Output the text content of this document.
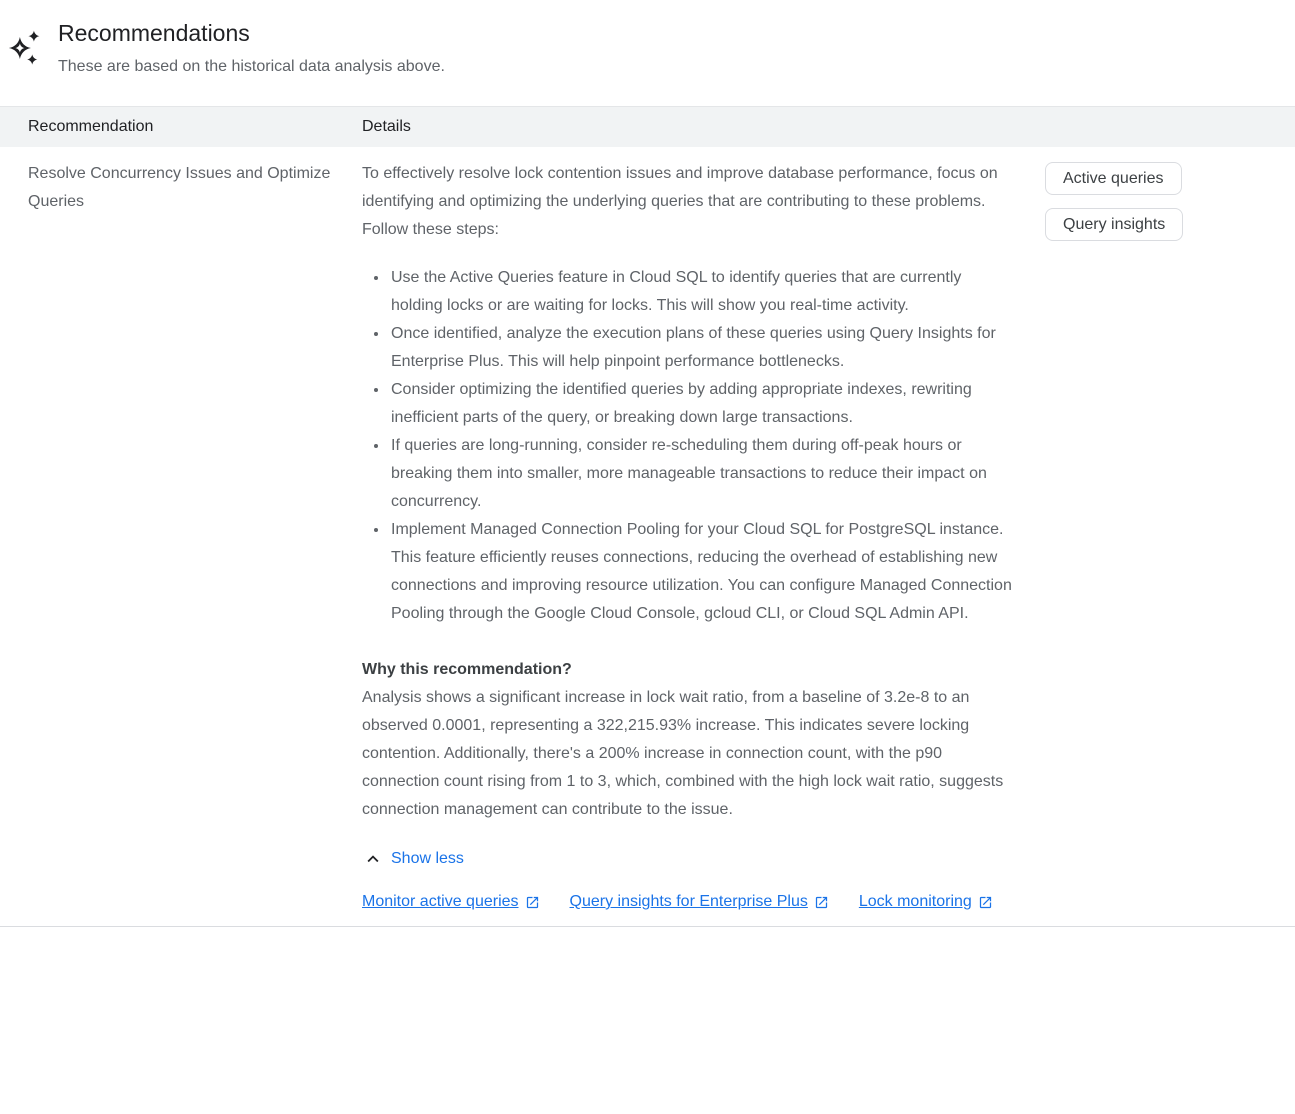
Recommendations
These are based on the historical data analysis above.
Recommendation	Details
Resolve Concurrency Issues and Optimize Queries

To effectively resolve lock contention issues and improve database performance, focus on identifying and optimizing the underlying queries that are contributing to these problems. Follow these steps:

• Use the Active Queries feature in Cloud SQL to identify queries that are currently holding locks or are waiting for locks. This will show you real-time activity.
• Once identified, analyze the execution plans of these queries using Query Insights for Enterprise Plus. This will help pinpoint performance bottlenecks.
• Consider optimizing the identified queries by adding appropriate indexes, rewriting inefficient parts of the query, or breaking down large transactions.
• If queries are long-running, consider re-scheduling them during off-peak hours or breaking them into smaller, more manageable transactions to reduce their impact on concurrency.
• Implement Managed Connection Pooling for your Cloud SQL for PostgreSQL instance. This feature efficiently reuses connections, reducing the overhead of establishing new connections and improving resource utilization. You can configure Managed Connection Pooling through the Google Cloud Console, gcloud CLI, or Cloud SQL Admin API.

Why this recommendation?

Analysis shows a significant increase in lock wait ratio, from a baseline of 3.2e-8 to an observed 0.0001, representing a 322,215.93% increase. This indicates severe locking contention. Additionally, there's a 200% increase in connection count, with the p90 connection count rising from 1 to 3, which, combined with the high lock wait ratio, suggests connection management can contribute to the issue.

Show less
Monitor active queries	Query insights for Enterprise Plus	Lock monitoring
Active queries
Query insights
